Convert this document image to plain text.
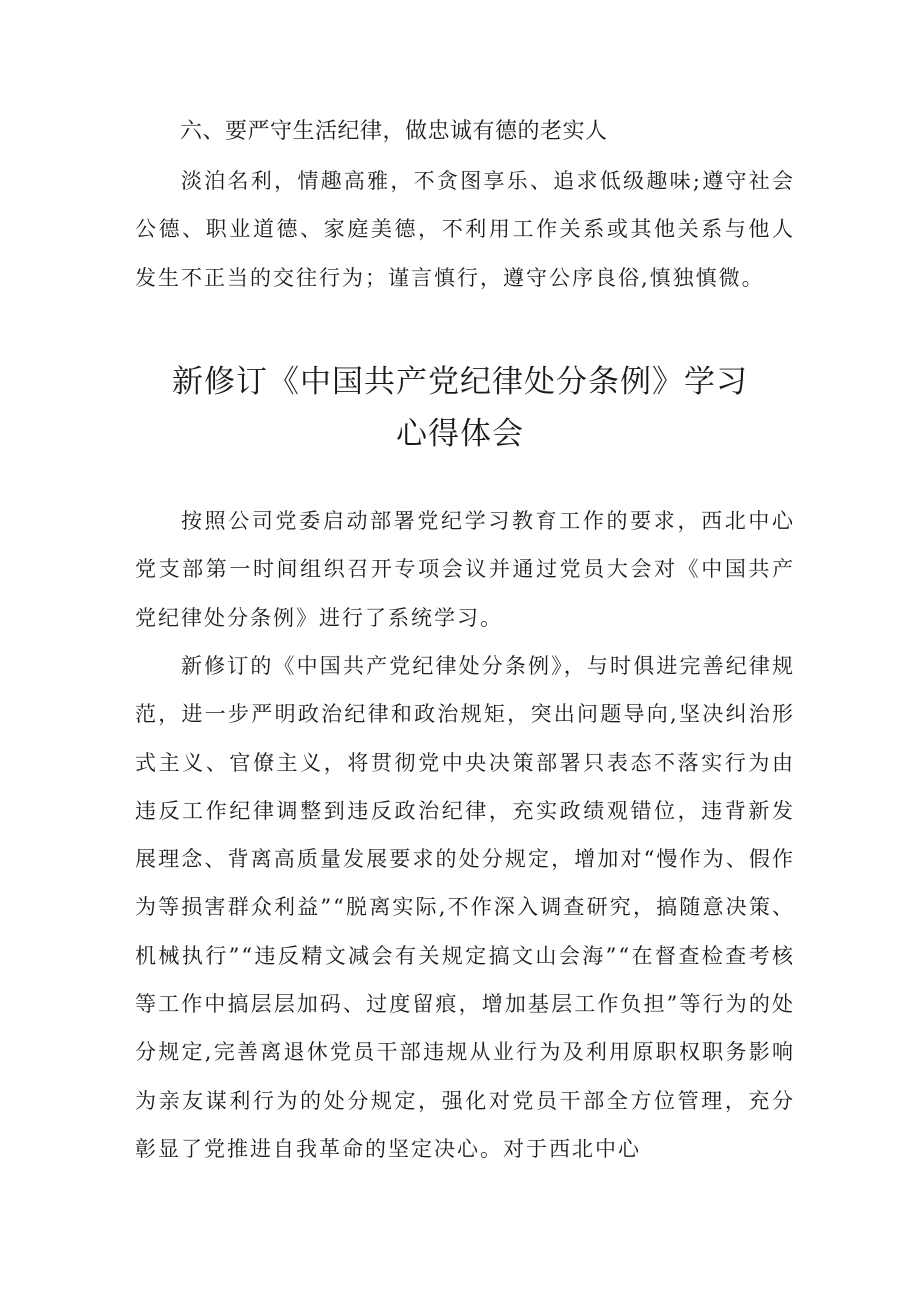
六、要严守生活纪律，做忠诚有德的老实人

淡泊名利，情趣高雅，不贪图享乐、追求低级趣味;遵守社会公德、职业道德、家庭美德，不利用工作关系或其他关系与他人发生不正当的交往行为；谨言慎行，遵守公序良俗,慎独慎微。

新修订《中国共产党纪律处分条例》学习
心得体会

按照公司党委启动部署党纪学习教育工作的要求，西北中心党支部第一时间组织召开专项会议并通过党员大会对《中国共产党纪律处分条例》进行了系统学习。

新修订的《中国共产党纪律处分条例》，与时俱进完善纪律规范，进一步严明政治纪律和政治规矩，突出问题导向,坚决纠治形式主义、官僚主义，将贯彻党中央决策部署只表态不落实行为由违反工作纪律调整到违反政治纪律，充实政绩观错位，违背新发展理念、背离高质量发展要求的处分规定，增加对“慢作为、假作为等损害群众利益”“脱离实际,不作深入调查研究，搞随意决策、机械执行”“违反精文减会有关规定搞文山会海”“在督查检查考核等工作中搞层层加码、过度留痕，增加基层工作负担”等行为的处分规定,完善离退休党员干部违规从业行为及利用原职权职务影响为亲友谋利行为的处分规定，强化对党员干部全方位管理，充分彰显了党推进自我革命的坚定决心。对于西北中心
